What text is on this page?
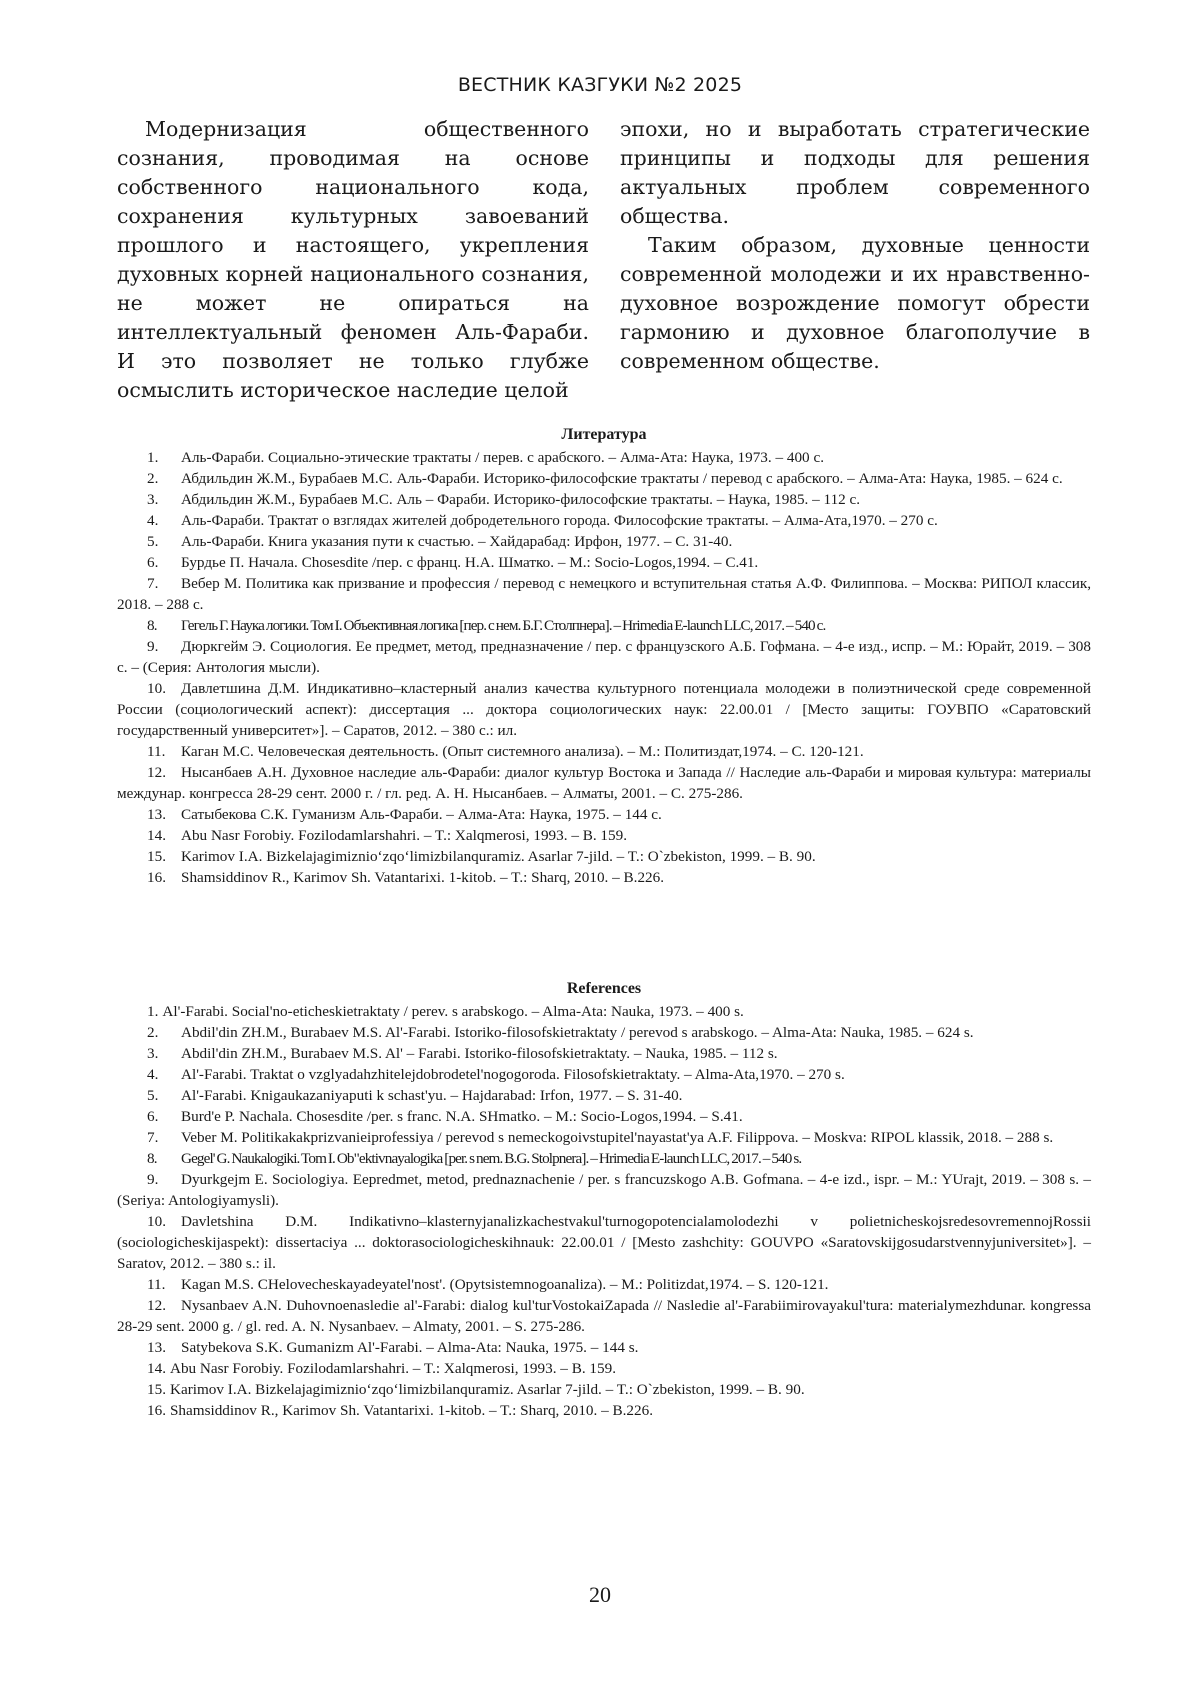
ВЕСТНИК КАЗГУКИ №2 2025

Модернизация общественного сознания, проводимая на основе собственного национального кода, сохранения культурных завоеваний прошлого и настоящего, укрепления духовных корней национального сознания, не может не опираться на интеллектуальный феномен Аль-Фараби. И это позволяет не только глубже осмыслить историческое наследие целой

эпохи, но и выработать стратегические принципы и подходы для решения актуальных проблем современного общества.

Таким образом, духовные ценности современной молодежи и их нравственно-духовное возрождение помогут обрести гармонию и духовное благополучие в современном обществе.

Литература
1. Аль-Фараби. Социально-этические трактаты / перев. с арабского. – Алма-Ата: Наука, 1973. – 400 с.
2. Абдильдин Ж.М., Бурабаев М.С. Аль-Фараби. Историко-философские трактаты / перевод с арабского. – Алма-Ата: Наука, 1985. – 624 с.
3. Абдильдин Ж.М., Бурабаев М.С. Аль – Фараби. Историко-философские трактаты. – Наука, 1985. – 112 с.
4. Аль-Фараби. Трактат о взглядах жителей добродетельного города. Философские трактаты. – Алма-Ата,1970. – 270 с.
5. Аль-Фараби. Книга указания пути к счастью. – Хайдарабад: Ирфон, 1977. – С. 31-40.
6. Бурдье П. Начала. Chosesdite /пер. с франц. Н.А. Шматко. – М.: Socio-Logos,1994. – С.41.
7. Вебер М. Политика как призвание и профессия / перевод с немецкого и вступительная статья А.Ф. Филиппова. – Москва: РИПОЛ классик, 2018. – 288 с.
8. Гегель Г. Наука логики. Том I. Объективная логика [пер. с нем. Б.Г. Столпнера]. – Hrimedia E-launch LLC, 2017. – 540 с.
9. Дюркгейм Э. Социология. Ее предмет, метод, предназначение / пер. с французского А.Б. Гофмана. – 4-е изд., испр. – М.: Юрайт, 2019. – 308 с. – (Серия: Антология мысли).
10. Давлетшина Д.М. Индикативно–кластерный анализ качества культурного потенциала молодежи в полиэтнической среде современной России (социологический аспект): диссертация ... доктора социологических наук: 22.00.01 / [Место защиты: ГОУВПО «Саратовский государственный университет»]. – Саратов, 2012. – 380 с.: ил.
11. Каган М.С. Человеческая деятельность. (Опыт системного анализа). – М.: Политиздат,1974. – С. 120-121.
12. Нысанбаев А.Н. Духовное наследие аль-Фараби: диалог культур Востока и Запада // Наследие аль-Фараби и мировая культура: материалы междунар. конгресса 28-29 сент. 2000 г. / гл. ред. А. Н. Нысанбаев. – Алматы, 2001. – С. 275-286.
13. Сатыбекова С.К. Гуманизм Аль-Фараби. – Алма-Ата: Наука, 1975. – 144 с.
14. Abu Nasr Forobiy. Fozilodamlarshahri. – T.: Xalqmerosi, 1993. – B. 159.
15. Karimov I.A. Bizkelajagimiznio‘zqo‘limizbilanquramiz. Asarlar 7-jild. – T.: O`zbekiston, 1999. – B. 90.
16. Shamsiddinov R., Karimov Sh. Vatantarixi. 1-kitob. – T.: Sharq, 2010. – B.226.
References
1. Al'-Farabi. Social'no-eticheskietraktaty / perev. s arabskogo. – Alma-Ata: Nauka, 1973. – 400 s.
2. Abdil'din ZH.M., Burabaev M.S. Al'-Farabi. Istoriko-filosofskietraktaty / perevod s arabskogo. – Alma-Ata: Nauka, 1985. – 624 s.
3. Abdil'din ZH.M., Burabaev M.S. Al' – Farabi. Istoriko-filosofskietraktaty. – Nauka, 1985. – 112 s.
4. Al'-Farabi. Traktat o vzglyadahzhitelejdobrodetel'nogogoroda. Filosofskietraktaty. – Alma-Ata,1970. – 270 s.
5. Al'-Farabi. Knigaukazaniyaputi k schast'yu. – Hajdarabad: Irfon, 1977. – S. 31-40.
6. Burd'e P. Nachala. Chosesdite /per. s franc. N.A. SHmatko. – M.: Socio-Logos,1994. – S.41.
7. Veber M. Politikakakprizvanieiprofessiya / perevod s nemeckogoivstupitel'nayastat'ya A.F. Filippova. – Moskva: RIPOL klassik, 2018. – 288 s.
8. Gegel' G. Naukalogiki. Tom I. Ob"ektivnayalogika [per. s nem. B.G. Stolpnera]. – Hrimedia E-launch LLC, 2017. – 540 s.
9. Dyurkgejm E. Sociologiya. Eepredmet, metod, prednaznachenie / per. s francuzskogo A.B. Gofmana. – 4-e izd., ispr. – M.: YUrajt, 2019. – 308 s. – (Seriya: Antologiyamysli).
10. Davletshina D.M. Indikativno–klasternyjanalizkachestvakul'turnogopotencialamolodezhi v polietnicheskojsredesovremennojRossii (sociologicheskijaspekt): dissertaciya ... doktorasociologicheskihnauk: 22.00.01 / [Mesto zashchity: GOUVPO «Saratovskijgosudarstvennyjuniversitet»]. – Saratov, 2012. – 380 s.: il.
11. Kagan M.S. CHelovecheskayadeyatel'nost'. (Opytsistemnogoanaliza). – M.: Politizdat,1974. – S. 120-121.
12. Nysanbaev A.N. Duhovnoenasledie al'-Farabi: dialog kul'turVostokaiZapada // Nasledie al'-Farabiimirovayakul'tura: materialymezhdunar. kongressa 28-29 sent. 2000 g. / gl. red. A. N. Nysanbaev. – Almaty, 2001. – S. 275-286.
13. Satybekova S.K. Gumanizm Al'-Farabi. – Alma-Ata: Nauka, 1975. – 144 s.
14. Abu Nasr Forobiy. Fozilodamlarshahri. – T.: Xalqmerosi, 1993. – B. 159.
15. Karimov I.A. Bizkelajagimiznio‘zqo‘limizbilanquramiz. Asarlar 7-jild. – T.: O`zbekiston, 1999. – B. 90.
16. Shamsiddinov R., Karimov Sh. Vatantarixi. 1-kitob. – T.: Sharq, 2010. – B.226.
20
